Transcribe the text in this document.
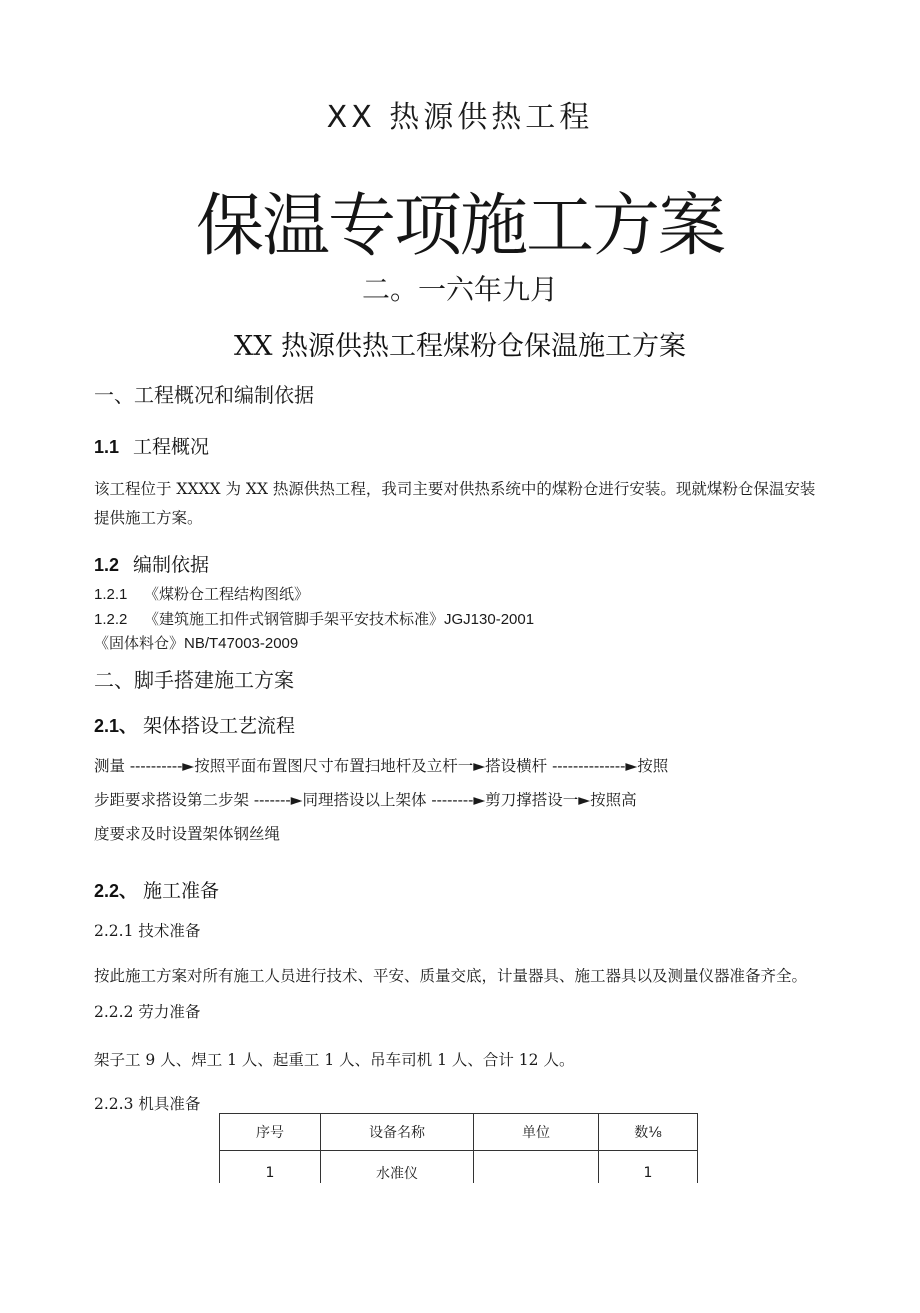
XX 热源供热工程
保温专项施工方案
二。一六年九月
XX 热源供热工程煤粉仓保温施工方案
一、工程概况和编制依据
1.1 工程概况
该工程位于 XXXX 为 XX 热源供热工程，我司主要对供热系统中的煤粉仓进行安装。现就煤粉仓保温安装提供施工方案。
1.2 编制依据
1.2.1 《煤粉仓工程结构图纸》
1.2.2 《建筑施工扣件式钢管脚手架平安技术标准》JGJ130-2001
《固体料仓》NB/T47003-2009
二、脚手搭建施工方案
2.1、 架体搭设工艺流程
测量 ----------►按照平面布置图尺寸布置扫地杆及立杆一►搭设横杆 --------------►按照
步距要求搭设第二步架 -------►同理搭设以上架体 --------►剪刀撑搭设一►按照高
度要求及时设置架体钢丝绳
2.2、 施工准备
2.2.1 技术准备
按此施工方案对所有施工人员进行技术、平安、质量交底，计量器具、施工器具以及测量仪器准备齐全。2.2.2 劳力准备
架子工 9 人、焊工 1 人、起重工 1 人、吊车司机 1 人、合计 12 人。
2.2.3 机具准备
序号	设备名称	单位	数⅛
1	水准仪		1
